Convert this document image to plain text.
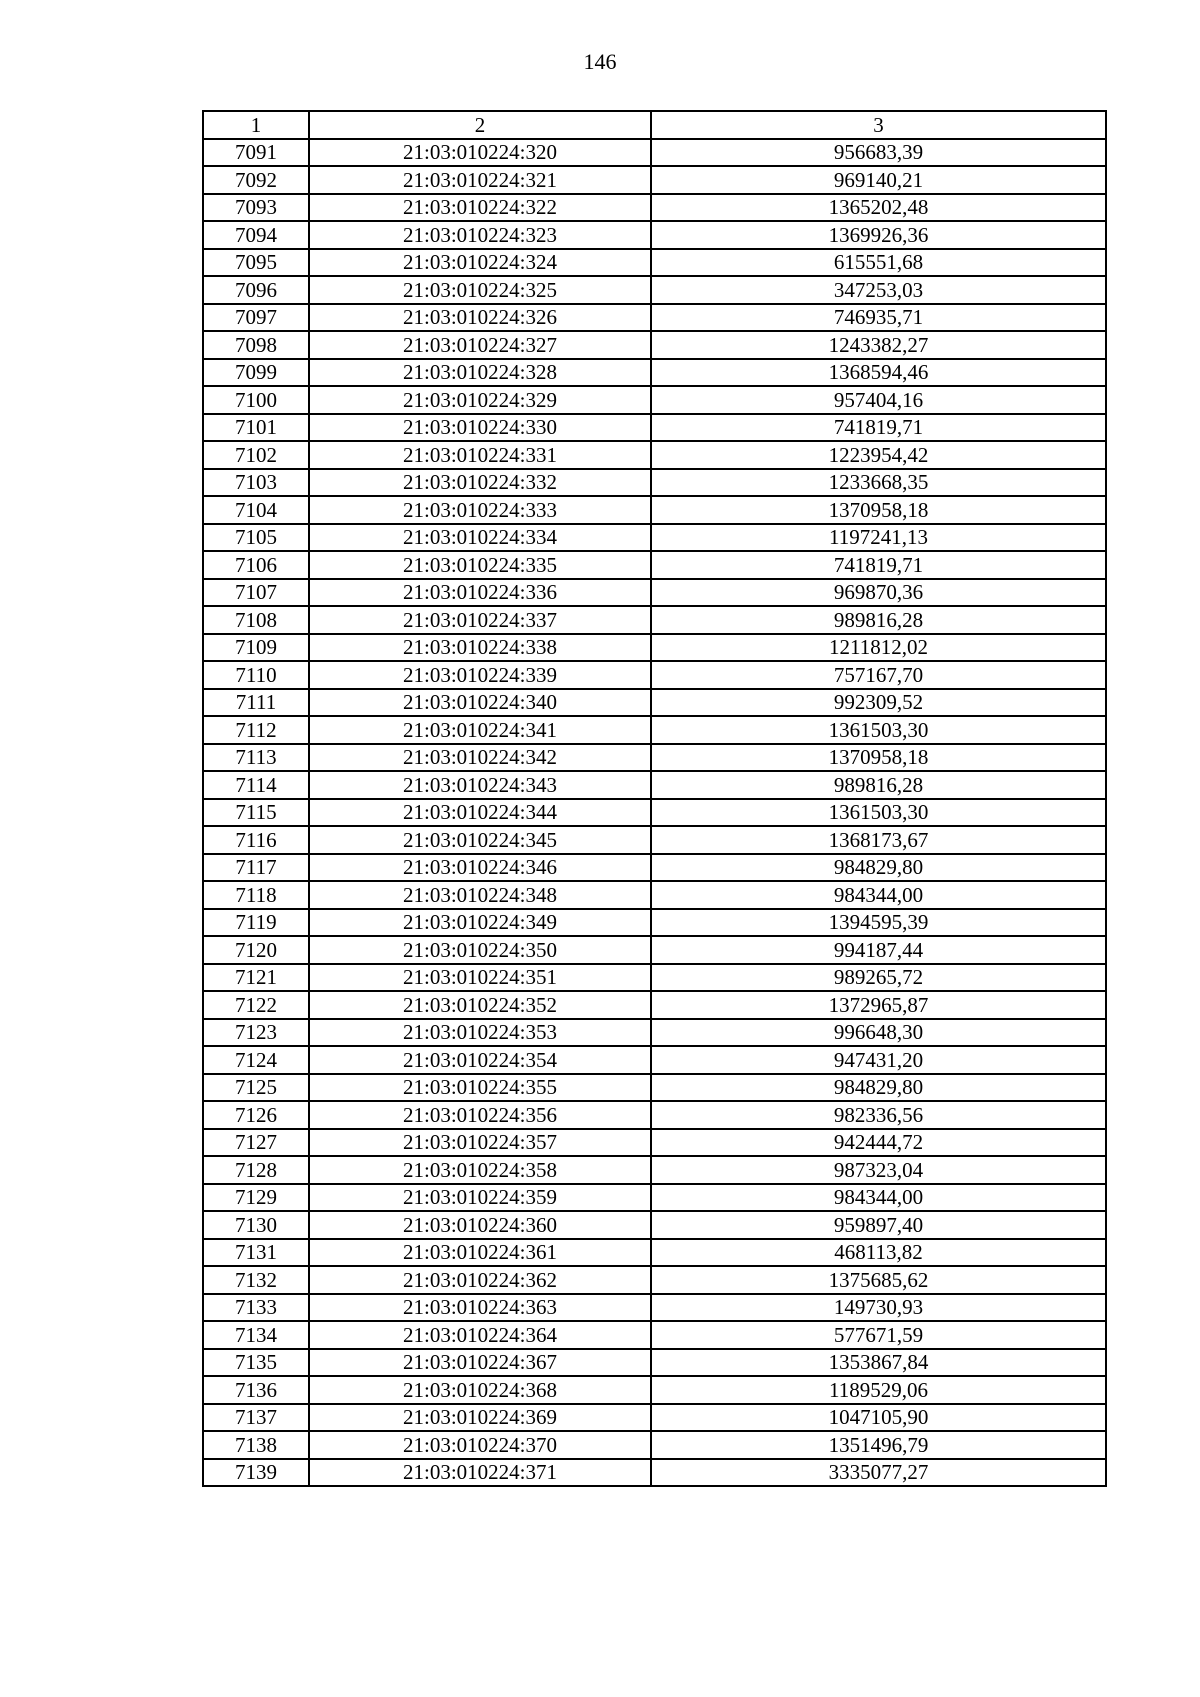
146
1	2	3
7091	21:03:010224:320	956683,39
7092	21:03:010224:321	969140,21
7093	21:03:010224:322	1365202,48
7094	21:03:010224:323	1369926,36
7095	21:03:010224:324	615551,68
7096	21:03:010224:325	347253,03
7097	21:03:010224:326	746935,71
7098	21:03:010224:327	1243382,27
7099	21:03:010224:328	1368594,46
7100	21:03:010224:329	957404,16
7101	21:03:010224:330	741819,71
7102	21:03:010224:331	1223954,42
7103	21:03:010224:332	1233668,35
7104	21:03:010224:333	1370958,18
7105	21:03:010224:334	1197241,13
7106	21:03:010224:335	741819,71
7107	21:03:010224:336	969870,36
7108	21:03:010224:337	989816,28
7109	21:03:010224:338	1211812,02
7110	21:03:010224:339	757167,70
7111	21:03:010224:340	992309,52
7112	21:03:010224:341	1361503,30
7113	21:03:010224:342	1370958,18
7114	21:03:010224:343	989816,28
7115	21:03:010224:344	1361503,30
7116	21:03:010224:345	1368173,67
7117	21:03:010224:346	984829,80
7118	21:03:010224:348	984344,00
7119	21:03:010224:349	1394595,39
7120	21:03:010224:350	994187,44
7121	21:03:010224:351	989265,72
7122	21:03:010224:352	1372965,87
7123	21:03:010224:353	996648,30
7124	21:03:010224:354	947431,20
7125	21:03:010224:355	984829,80
7126	21:03:010224:356	982336,56
7127	21:03:010224:357	942444,72
7128	21:03:010224:358	987323,04
7129	21:03:010224:359	984344,00
7130	21:03:010224:360	959897,40
7131	21:03:010224:361	468113,82
7132	21:03:010224:362	1375685,62
7133	21:03:010224:363	149730,93
7134	21:03:010224:364	577671,59
7135	21:03:010224:367	1353867,84
7136	21:03:010224:368	1189529,06
7137	21:03:010224:369	1047105,90
7138	21:03:010224:370	1351496,79
7139	21:03:010224:371	3335077,27
